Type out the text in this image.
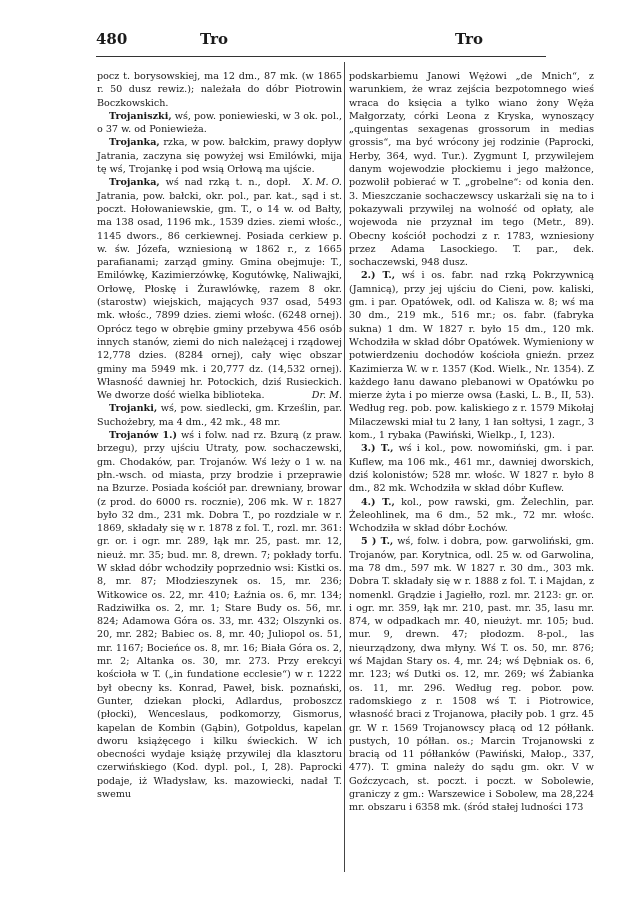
480	Tro	Tro

pocz t. borysowskiej, ma 12 dm., 87 mk. (w 1865 r. 50 dusz rewiz.); należała do dóbr Piotrowin Boczkowskich.

Trojaniszki, wś, pow. poniewieski, w 3 ok. pol., o 37 w. od Poniewieża.

Trojanka, rzka, w pow. bałckim, prawy dopływ Jatrania, zaczyna się powyżej wsi Emilówki, mija tę wś, Trojankę i pod wsią Orłową ma ujście.
X. M. O.

Trojanka, wś nad rzką t. n., dopł. Jatrania, pow. bałcki, okr. pol., par. kat., sąd i st. poczt. Hołowaniewskie, gm. T., o 14 w. od Bałty, ma 138 osad, 1196 mk., 1539 dzies. ziemi włośc., 1145 dwors., 86 cerkiewnej. Posiada cerkiew p. w. św. Józefa, wzniesioną w 1862 r., z 1665 parafianami; zarząd gminy. Gmina obejmuje: T., Emilówkę, Kazimierzówkę, Kogutówkę, Naliwajki, Orłowę, Płoskę i Żurawlówkę, razem 8 okr. (starostw) wiejskich, mających 937 osad, 5493 mk. włośc., 7899 dzies. ziemi włośc. (6248 ornej). Oprócz tego w obrębie gminy przebywa 456 osób innych stanów, ziemi do nich należącej i rządowej 12,778 dzies. (8284 ornej), cały więc obszar gminy ma 5949 mk. i 20,777 dz. (14,532 ornej). Własność dawniej hr. Potockich, dziś Rusieckich. We dworze dość wielka biblioteka.	Dr. M.

Trojanki, wś, pow. siedlecki, gm. Krześlin, par. Suchożebry, ma 4 dm., 42 mk., 48 mr.

Trojanów 1.) wś i folw. nad rz. Bzurą (z praw. brzegu), przy ujściu Utraty, pow. sochaczewski, gm. Chodaków, par. Trojanów. Wś leży o 1 w. na płn.-wsch. od miasta, przy brodzie i przeprawie na Bzurze. Posiada kościół par. drewniany, browar (z prod. do 6000 rs. rocznie), 206 mk. W r. 1827 było 32 dm., 231 mk. Dobra T., po rozdziale w r. 1869, składały się w r. 1878 z fol. T., rozl. mr. 361: gr. or. i ogr. mr. 289, łąk mr. 25, past. mr. 12, nieuż. mr. 35; bud. mr. 8, drewn. 7; pokłady torfu. W skład dóbr wchodziły poprzednio wsi: Kistki os. 8, mr. 87; Młodzieszynek os. 15, mr. 236; Witkowice os. 22, mr. 410; Łaźnia os. 6, mr. 134; Radziwiłka os. 2, mr. 1; Stare Budy os. 56, mr. 824; Adamowa Góra os. 33, mr. 432; Olszynki os. 20, mr. 282; Babiec os. 8, mr. 40; Juliopol os. 51, mr. 1167; Bocieńce os. 8, mr. 16; Biała Góra os. 2, mr. 2; Altanka os. 30, mr. 273. Przy erekcyi kościoła w T. („in fundatione ecclesie“) w r. 1222 był obecny ks. Konrad, Paweł, bisk. poznański, Gunter, dziekan płocki, Adlardus, proboszcz (płocki), Wenceslaus, podkomorzy, Gismorus, kapelan de Kombin (Gąbin), Gotpoldus, kapelan dworu książęcego i kilku świeckich. W ich obecności wydaje książę przywilej dla klasztoru czerwińskiego (Kod. dypl. pol., I, 28). Paprocki podaje, iż Władysław, ks. mazowiecki, nadał T. swemu

podskarbiemu Janowi Wężowi „de Mnich“, z warunkiem, że wraz zejścia bezpotomnego wieś wraca do księcia a tylko wiano żony Węża Małgorzaty, córki Leona z Kryska, wynoszący „quingentas sexagenas grossorum in medias grossis“, ma być wrócony jej rodzinie (Paprocki, Herby, 364, wyd. Tur.). Zygmunt I, przywilejem danym wojewodzie płockiemu i jego małżonce, pozwolił pobierać w T. „grobelne“: od konia den. 3. Mieszczanie sochaczewscy uskarżali się na to i pokazywali przywilej na wolność od opłaty, ale wojewoda nie przyznał im tego (Metr., 89). Obecny kościół pochodzi z r. 1783, wzniesiony przez Adama Lasockiego. T. par., dek. sochaczewski, 948 dusz.

2.) T., wś i os. fabr. nad rzką Pokrzywnicą (Jamnicą), przy jej ujściu do Cieni, pow. kaliski, gm. i par. Opatówek, odl. od Kalisza w. 8; wś ma 30 dm., 219 mk., 516 mr.; os. fabr. (fabryka sukna) 1 dm. W 1827 r. było 15 dm., 120 mk. Wchodziła w skład dóbr Opatówek. Wymieniony w potwierdzeniu dochodów kościoła gnieźn. przez Kazimierza W. w r. 1357 (Kod. Wielk., Nr. 1354). Z każdego łanu dawano plebanowi w Opatówku po mierze żyta i po mierze owsa (Łaski, L. B., II, 53). Według reg. pob. pow. kaliskiego z r. 1579 Mikołaj Milaczewski miał tu 2 łany, 1 łan sołtysi, 1 zagr., 3 kom., 1 rybaka (Pawiński, Wielkp., I, 123).

3.) T., wś i kol., pow. nowomiński, gm. i par. Kuflew, ma 106 mk., 461 mr., dawniej dworskich, dziś kolonistów; 528 mr. włośc. W 1827 r. było 8 dm., 82 mk. Wchodziła w skład dóbr Kuflew.

4.) T., kol., pow rawski, gm. Żelechlin, par. Żeleohlinek, ma 6 dm., 52 mk., 72 mr. włośc. Wchodziła w skład dóbr Łochów.

5 ) T., wś, folw. i dobra, pow. garwoliński, gm. Trojanów, par. Korytnica, odl. 25 w. od Garwolina, ma 78 dm., 597 mk. W 1827 r. 30 dm., 303 mk. Dobra T. składały się w r. 1888 z fol. T. i Majdan, z nomenkl. Grądzie i Jagiełło, rozl. mr. 2123: gr. or. i ogr. mr. 359, łąk mr. 210, past. mr. 35, lasu mr. 874, w odpadkach mr. 40, nieużyt. mr. 105; bud. mur. 9, drewn. 47; płodozm. 8-pol., las nieurządzony, dwa młyny. Wś T. os. 50, mr. 876; wś Majdan Stary os. 4, mr. 24; wś Dębniak os. 6, mr. 123; wś Dutki os. 12, mr. 269; wś Żabianka os. 11, mr. 296. Według reg. pobor. pow. radomskiego z r. 1508 wś T. i Piotrowice, własność braci z Trojanowa, płaciły pob. 1 grz. 45 gr. W r. 1569 Trojanowscy płacą od 12 półłank. pustych, 10 półłan. os.; Marcin Trojanowski z bracią od 11 półłanków (Pawiński, Małop., 337, 477). T. gmina należy do sądu gm. okr. V w Goźczycach, st. poczt. i poczt. w Sobolewie, graniczy z gm.: Warszewice i Sobolew, ma 28,224 mr. obszaru i 6358 mk. (śród stałej ludności 173
